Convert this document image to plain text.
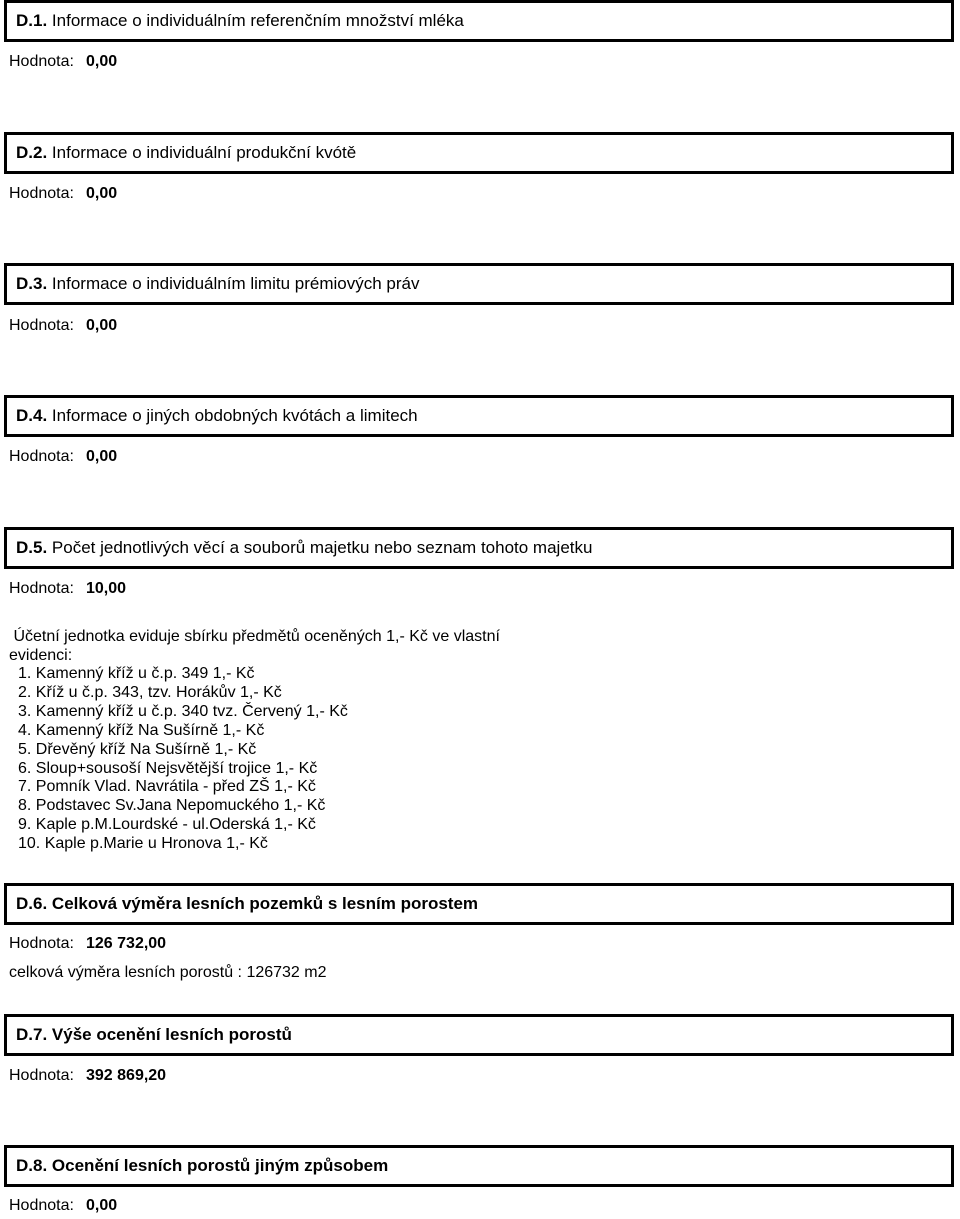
D.1.
Informace o individuálním referenčním množství mléka
Hodnota: 0,00
D.2.
Informace o individuální produkční kvótě
Hodnota: 0,00
D.3.
Informace o individuálním limitu prémiových práv
Hodnota: 0,00
D.4.
Informace o jiných obdobných kvótách a limitech
Hodnota: 0,00
D.5.
Počet jednotlivých věcí a souborů majetku nebo seznam tohoto majetku
Hodnota: 10,00
Účetní jednotka eviduje sbírku předmětů oceněných 1,- Kč ve vlastní
evidenci:
1. Kamenný kříž u č.p. 349 1,- Kč
2. Kříž u č.p. 343, tzv. Horákův 1,- Kč
3. Kamenný kříž u č.p. 340 tvz. Červený 1,- Kč
4. Kamenný kříž Na Sušírně 1,- Kč
5. Dřevěný kříž Na Sušírně 1,- Kč
6. Sloup+sousoší Nejsvětější trojice 1,- Kč
7. Pomník Vlad. Navrátila - před ZŠ 1,- Kč
8. Podstavec Sv.Jana Nepomuckého 1,- Kč
9. Kaple p.M.Lourdské - ul.Oderská 1,- Kč
10. Kaple p.Marie u Hronova 1,- Kč
D.6.
Celková výměra lesních pozemků s lesním porostem
Hodnota: 126 732,00
celková výměra lesních porostů : 126732 m2
D.7.
Výše ocenění lesních porostů
Hodnota: 392 869,20
D.8.
Ocenění lesních porostů jiným způsobem
Hodnota: 0,00
